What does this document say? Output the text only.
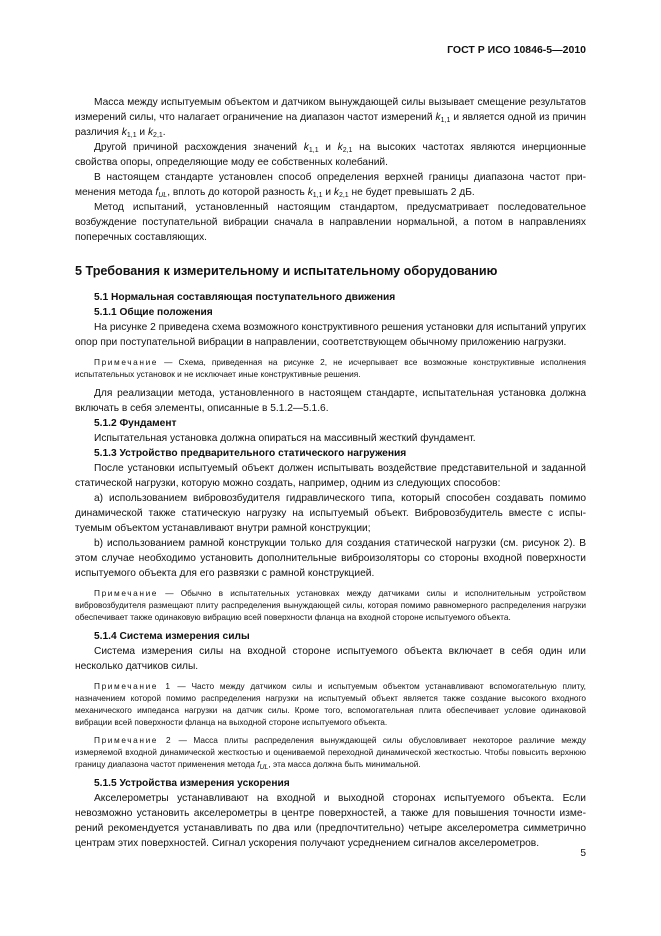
ГОСТ Р ИСО 10846-5—2010

Масса между испытуемым объектом и датчиком вынуждающей силы вызывает смещение результатов измерений силы, что налагает ограничение на диапазон частот измерений $k_{1,1}$ и является одной из причин различия $k_{1,1}$ и $k_{2,1}$.

Другой причиной расхождения значений $k_{1,1}$ и $k_{2,1}$ на высоких частотах являются инерционные свойства опоры, определяющие моду ее собственных колебаний.

В настоящем стандарте установлен способ определения верхней границы диапазона частот применения метода $f_{UL}$, вплоть до которой разность $k_{1,1}$ и $k_{2,1}$ не будет превышать 2 дБ.

Метод испытаний, установленный настоящим стандартом, предусматривает последовательное возбуждение поступательной вибрации сначала в направлении нормальной, а потом в направлениях поперечных составляющих.

5 Требования к измерительному и испытательному оборудованию

5.1 Нормальная составляющая поступательного движения

5.1.1 Общие положения

На рисунке 2 приведена схема возможного конструктивного решения установки для испытаний упругих опор при поступательной вибрации в направлении, соответствующем обычному приложению нагрузки.

Примечание — Схема, приведенная на рисунке 2, не исчерпывает все возможные конструктивные исполнения испытательных установок и не исключает иные конструктивные решения.

Для реализации метода, установленного в настоящем стандарте, испытательная установка должна включать в себя элементы, описанные в 5.1.2—5.1.6.

5.1.2 Фундамент

Испытательная установка должна опираться на массивный жесткий фундамент.

5.1.3 Устройство предварительного статического нагружения

После установки испытуемый объект должен испытывать воздействие представительной и заданной статической нагрузки, которую можно создать, например, одним из следующих способов:

а) использованием вибровозбудителя гидравлического типа, который способен создавать помимо динамической также статическую нагрузку на испытуемый объект. Вибровозбудитель вместе с испытуемым объектом устанавливают внутри рамной конструкции;

b) использованием рамной конструкции только для создания статической нагрузки (см. рисунок 2). В этом случае необходимо установить дополнительные виброизоляторы со стороны входной поверхности испытуемого объекта для его развязки с рамной конструкцией.

Примечание — Обычно в испытательных установках между датчиками силы и исполнительным устройством вибровозбудителя размещают плиту распределения вынуждающей силы, которая помимо равномерного распределения нагрузки обеспечивает также одинаковую вибрацию всей поверхности фланца на входной стороне испытуемого объекта.

5.1.4 Система измерения силы

Система измерения силы на входной стороне испытуемого объекта включает в себя один или несколько датчиков силы.

Примечание 1 — Часто между датчиком силы и испытуемым объектом устанавливают вспомогательную плиту, назначением которой помимо распределения нагрузки на испытуемый объект является также создание высокого входного механического импеданса нагрузки на датчик силы. Кроме того, вспомогательная плита обеспечивает условие одинаковой вибрации всей поверхности фланца на выходной стороне испытуемого объекта.

Примечание 2 — Масса плиты распределения вынуждающей силы обусловливает некоторое различие между измеряемой входной динамической жесткостью и оцениваемой переходной динамической жесткостью. Чтобы повысить верхнюю границу диапазона частот применения метода $f_{UL}$, эта масса должна быть минимальной.

5.1.5 Устройства измерения ускорения

Акселерометры устанавливают на входной и выходной сторонах испытуемого объекта. Если невозможно установить акселерометры в центре поверхностей, а также для повышения точности измерений рекомендуется устанавливать по два или (предпочтительно) четыре акселерометра симметрично центрам этих поверхностей. Сигнал ускорения получают усреднением сигналов акселерометров.

5
